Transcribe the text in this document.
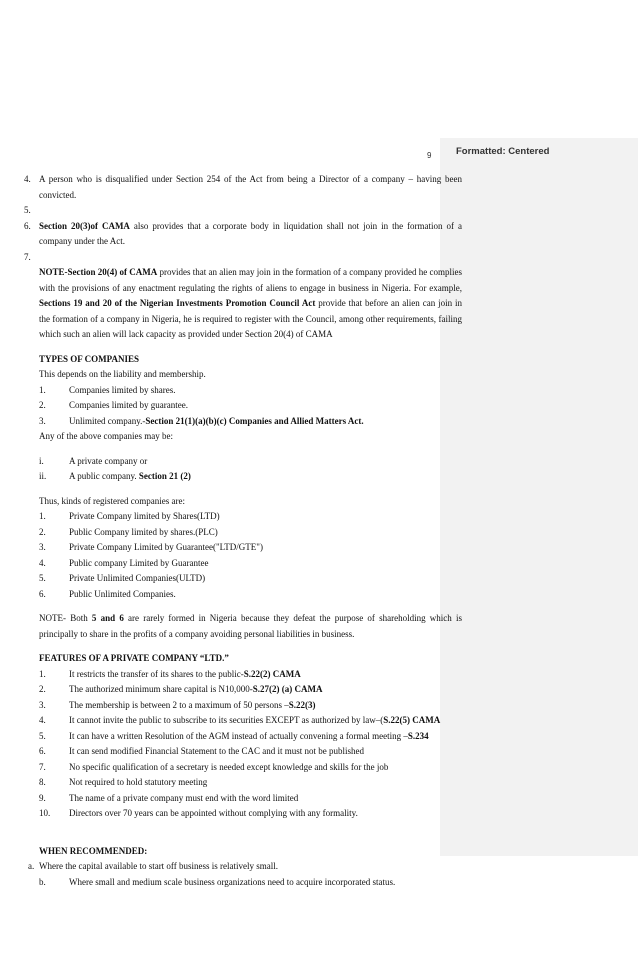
Formatted: Centered
9
4. A person who is disqualified under Section 254 of the Act from being a Director of a company – having been convicted.
5.
6. Section 20(3)of CAMA also provides that a corporate body in liquidation shall not join in the formation of a company under the Act.
7.
NOTE-Section 20(4) of CAMA provides that an alien may join in the formation of a company provided he complies with the provisions of any enactment regulating the rights of aliens to engage in business in Nigeria. For example, Sections 19 and 20 of the Nigerian Investments Promotion Council Act provide that before an alien can join in the formation of a company in Nigeria, he is required to register with the Council, among other requirements, failing which such an alien will lack capacity as provided under Section 20(4) of CAMA
TYPES OF COMPANIES
This depends on the liability and membership.
1.	Companies limited by shares.
2.	Companies limited by guarantee.
3.	Unlimited company.-Section 21(1)(a)(b)(c) Companies and Allied Matters Act.
Any of the above companies may be:
i.	A private company or
ii.	A public company. Section 21 (2)
Thus, kinds of registered companies are:
1.	Private Company limited by Shares(LTD)
2.	Public Company limited by shares.(PLC)
3.	Private Company Limited by Guarantee("LTD/GTE")
4.	Public company Limited by Guarantee
5.	Private Unlimited Companies(ULTD)
6.	Public Unlimited Companies.
NOTE- Both 5 and 6 are rarely formed in Nigeria because they defeat the purpose of shareholding which is principally to share in the profits of a company avoiding personal liabilities in business.
FEATURES OF A PRIVATE COMPANY “LTD.”
1.	It restricts the transfer of its shares to the public-S.22(2) CAMA
2.	The authorized minimum share capital is N10,000-S.27(2) (a) CAMA
3.	The membership is between 2 to a maximum of 50 persons –S.22(3)
4.	It cannot invite the public to subscribe to its securities EXCEPT as authorized by law–(S.22(5) CAMA
5.	It can have a written Resolution of the AGM instead of actually convening a formal meeting –S.234
6.	It can send modified Financial Statement to the CAC and it must not be published
7.	No specific qualification of a secretary is needed except knowledge and skills for the job
8.	Not required to hold statutory meeting
9.	The name of a private company must end with the word limited
10.	Directors over 70 years can be appointed without complying with any formality.
WHEN RECOMMENDED:
a. Where the capital available to start off business is relatively small.
b.	Where small and medium scale business organizations need to acquire incorporated status.
